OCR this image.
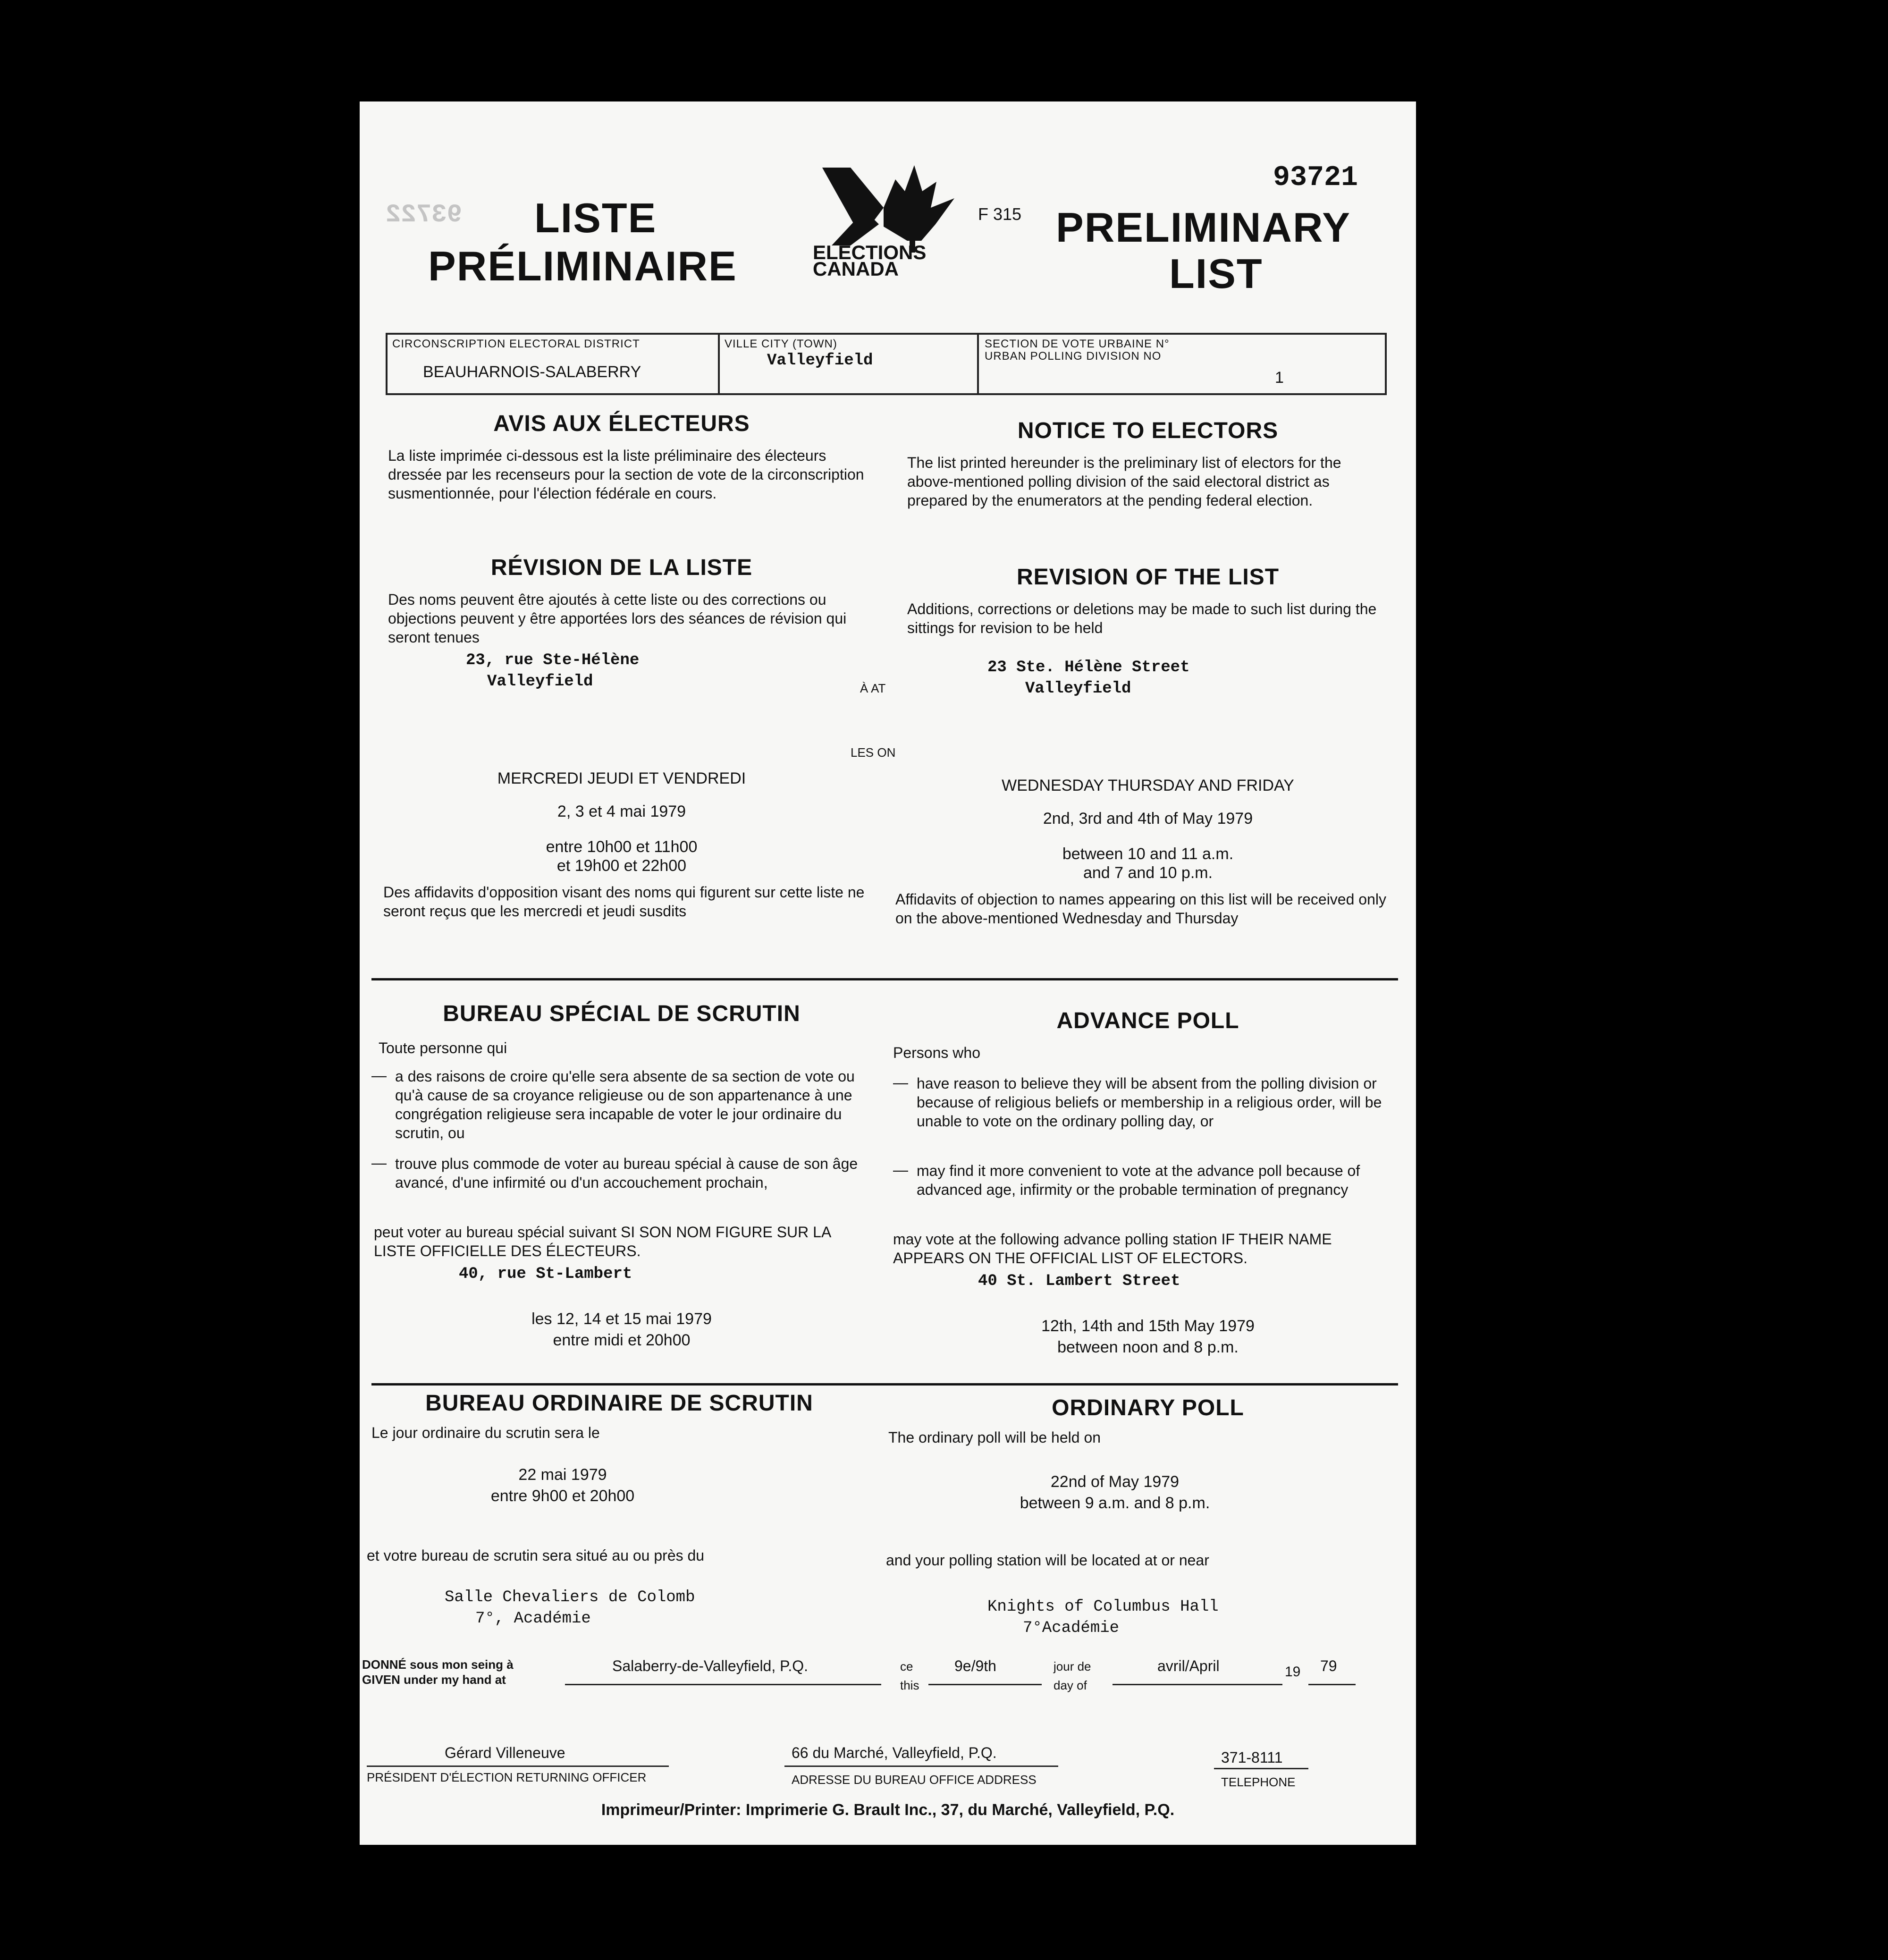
93722 LISTE
PRÉLIMINAIRE	ELECTIONS
CANADA
F 315
93721
PRELIMINARY
LIST
CIRCONSCRIPTION ELECTORAL DISTRICT
BEAUHARNOIS-SALABERRY
VILLE CITY (TOWN)
Valleyfield
SECTION DE VOTE URBAINE N°
URBAN POLLING DIVISION NO
1
AVIS AUX ÉLECTEURS
La liste imprimée ci-dessous est la liste préliminaire des électeurs dressée par les recenseurs pour la section de vote de la circonscription susmentionnée, pour l'élection fédérale en cours.
NOTICE TO ELECTORS
The list printed hereunder is the preliminary list of electors for the above-mentioned polling division of the said electoral district as prepared by the enumerators at the pending federal election.
RÉVISION DE LA LISTE
Des noms peuvent être ajoutés à cette liste ou des corrections ou objections peuvent y être apportées lors des séances de révision qui seront tenues
23, rue Ste-Hélène
Valleyfield	À AT
LES ON
REVISION OF THE LIST
Additions, corrections or deletions may be made to such list during the sittings for revision to be held
23 Ste. Hélène Street
Valleyfield
MERCREDI JEUDI ET VENDREDI
2, 3 et 4 mai 1979
entre 10h00 et 11h00
et 19h00 et 22h00
WEDNESDAY THURSDAY AND FRIDAY
2nd, 3rd and 4th of May 1979
between 10 and 11 a.m.
and 7 and 10 p.m.
Des affidavits d'opposition visant des noms qui figurent sur cette liste ne seront reçus que les mercredi et jeudi susdits
Affidavits of objection to names appearing on this list will be received only on the above-mentioned Wednesday and Thursday
BUREAU SPÉCIAL DE SCRUTIN
Toute personne qui
— a des raisons de croire qu'elle sera absente de sa section de vote ou qu'à cause de sa croyance religieuse ou de son appartenance à une congrégation religieuse sera incapable de voter le jour ordinaire du scrutin, ou
— trouve plus commode de voter au bureau spécial à cause de son âge avancé, d'une infirmité ou d'un accouchement prochain,
peut voter au bureau spécial suivant SI SON NOM FIGURE SUR LA LISTE OFFICIELLE DES ÉLECTEURS.
40, rue St-Lambert
les 12, 14 et 15 mai 1979
entre midi et 20h00
ADVANCE POLL
Persons who
— have reason to believe they will be absent from the polling division or because of religious beliefs or membership in a religious order, will be unable to vote on the ordinary polling day, or
— may find it more convenient to vote at the advance poll because of advanced age, infirmity or the probable termination of pregnancy
may vote at the following advance polling station IF THEIR NAME APPEARS ON THE OFFICIAL LIST OF ELECTORS.
40 St. Lambert Street
12th, 14th and 15th May 1979
between noon and 8 p.m.
BUREAU ORDINAIRE DE SCRUTIN
Le jour ordinaire du scrutin sera le
22 mai 1979
entre 9h00 et 20h00
et votre bureau de scrutin sera situé au ou près du
Salle Chevaliers de Colomb
7°, Académie
ORDINARY POLL
The ordinary poll will be held on
22nd of May 1979
between 9 a.m. and 8 p.m.
and your polling station will be located at or near
Knights of Columbus Hall
7°Académie
DONNÉ sous mon seing à
GIVEN under my hand at
Salaberry-de-Valleyfield, P.Q.	ce
this
9e/9th	jour de
day of
avril/April	19 79
Gérard Villeneuve
PRÉSIDENT D'ÉLECTION RETURNING OFFICER
66 du Marché, Valleyfield, P.Q.
ADRESSE DU BUREAU OFFICE ADDRESS
371-8111
TELEPHONE
Imprimeur/Printer: Imprimerie G. Brault Inc., 37, du Marché, Valleyfield, P.Q.
